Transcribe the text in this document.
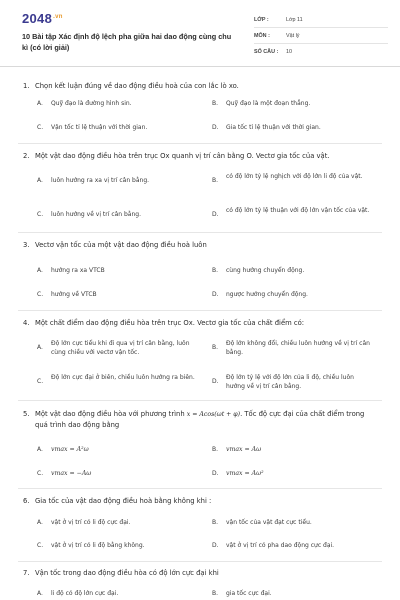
$2048^{.vn}$
10 Bài tập Xác định độ lệch pha giữa hai dao động cùng chu kì (có lời giải)
LỚP :	Lớp 11
MÔN :	Vật lý
SỐ CÂU :	10
1. Chọn kết luận đúng về dao động điều hoà của con lắc lò xo.
A.	Quỹ đạo là đường hình sin.	B.	Quỹ đạo là một đoạn thẳng.
C.	Vận tốc tỉ lệ thuận với thời gian.	D.	Gia tốc tỉ lệ thuận với thời gian.
2. Một vật dao động điều hòa trên trục Ox quanh vị trí cân bằng O. Vectơ gia tốc của vật.
A.	luôn hướng ra xa vị trí cân bằng.	B.
có độ lớn tỷ lệ nghịch với độ lớn li độ của vật.
C.	luôn hướng về vị trí cân bằng.	D.
có độ lớn tỷ lệ thuận với độ lớn vận tốc của vật.
3. Vectơ vận tốc của một vật dao động điều hoà luôn
A.	hướng ra xa VTCB	B.	cùng hướng chuyển động.
C.	hướng về VTCB	D.	ngược hướng chuyển động.
4. Một chất điểm dao động điều hòa trên trục Ox. Vectơ gia tốc của chất điểm có:
A.
Độ lớn cực tiểu khi đi qua vị trí cân bằng, luôn cùng chiều với vectơ vận tốc.
B.
Độ lớn không đổi, chiều luôn hướng về vị trí cân bằng.
C.
Độ lớn cực đại ở biên, chiều luôn hướng ra biên.
D.
Độ lớn tỷ lệ với độ lớn của li độ, chiều luôn hướng về vị trí cân bằng.
5. Một vật dao động điều hòa với phương trình x = Acos(ωt + φ). Tốc độ cực đại của chất điểm trong quá trình dao động bằng
A.	vmax = A²ω	B.	vmax = Aω
C.	vmax = −Aω	D.	vmax = Aω²
6. Gia tốc của vật dao động điều hoà bằng không khi :
A.	vật ở vị trí có li độ cực đại.	B.	vận tốc của vật đạt cực tiểu.
C.	vật ở vị trí có li độ bằng không.	D.	vật ở vị trí có pha dao động cực đại.
7. Vận tốc trong dao động điều hòa có độ lớn cực đại khi
A.	li độ có độ lớn cực đại.	B.	gia tốc cực đại.
